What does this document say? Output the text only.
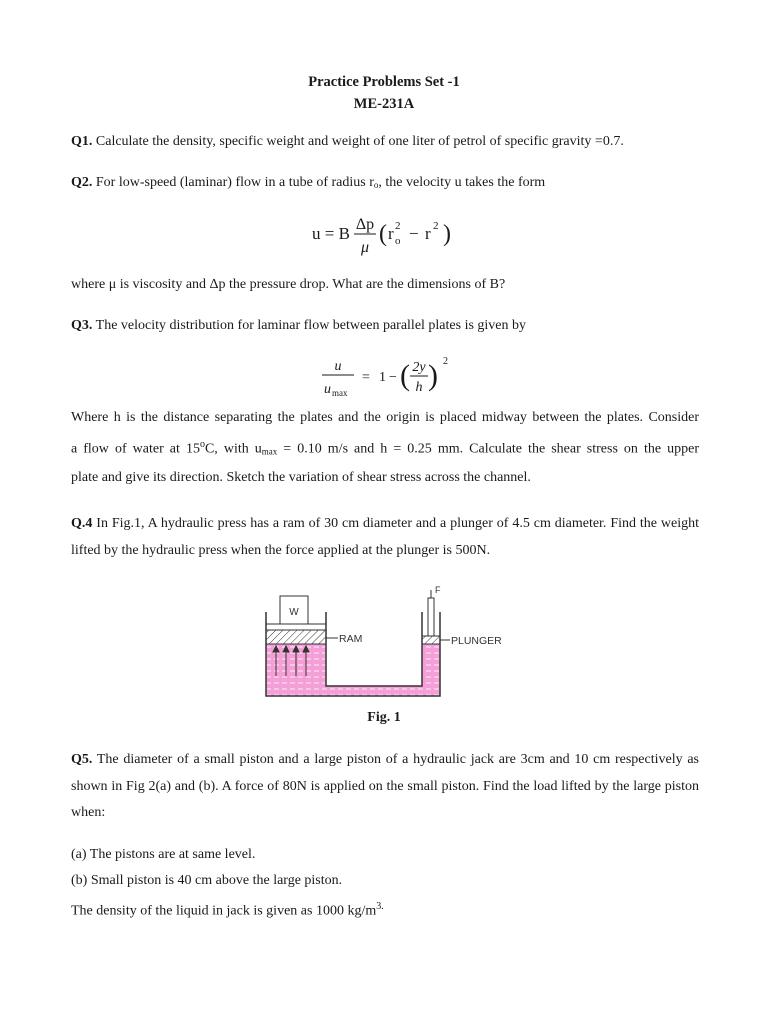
Practice Problems Set -1
ME-231A
Q1. Calculate the density, specific weight and weight of one liter of petrol of specific gravity =0.7.
Q2. For low-speed (laminar) flow in a tube of radius $r_o$, the velocity u takes the form
u = B Δp
μ
( r 2
o − r 2 )
where μ is viscosity and Δp the pressure drop. What are the dimensions of B?
Q3. The velocity distribution for laminar flow between parallel plates is given by
u
u max
= 1 − ( 2y
h ) 2
Where h is the distance separating the plates and the origin is placed midway between the plates. Consider
a flow of water at 15$^o$C, with $u_{max} = 0.10$ m/s and h = 0.25 mm. Calculate the shear stress on the upper
plate and give its direction. Sketch the variation of shear stress across the channel.
Q.4 In Fig.1, A hydraulic press has a ram of 30 cm diameter and a plunger of 4.5 cm diameter. Find the weight lifted by the hydraulic press when the force applied at the plunger is 500N.
W
F
RAM	PLUNGER
Fig. 1
Q5. The diameter of a small piston and a large piston of a hydraulic jack are 3cm and 10 cm respectively as shown in Fig 2(a) and (b). A force of 80N is applied on the small piston. Find the load lifted by the large piston when:
(a) The pistons are at same level.
(b) Small piston is 40 cm above the large piston.
The density of the liquid in jack is given as 1000 $kg/m^{3.}$
